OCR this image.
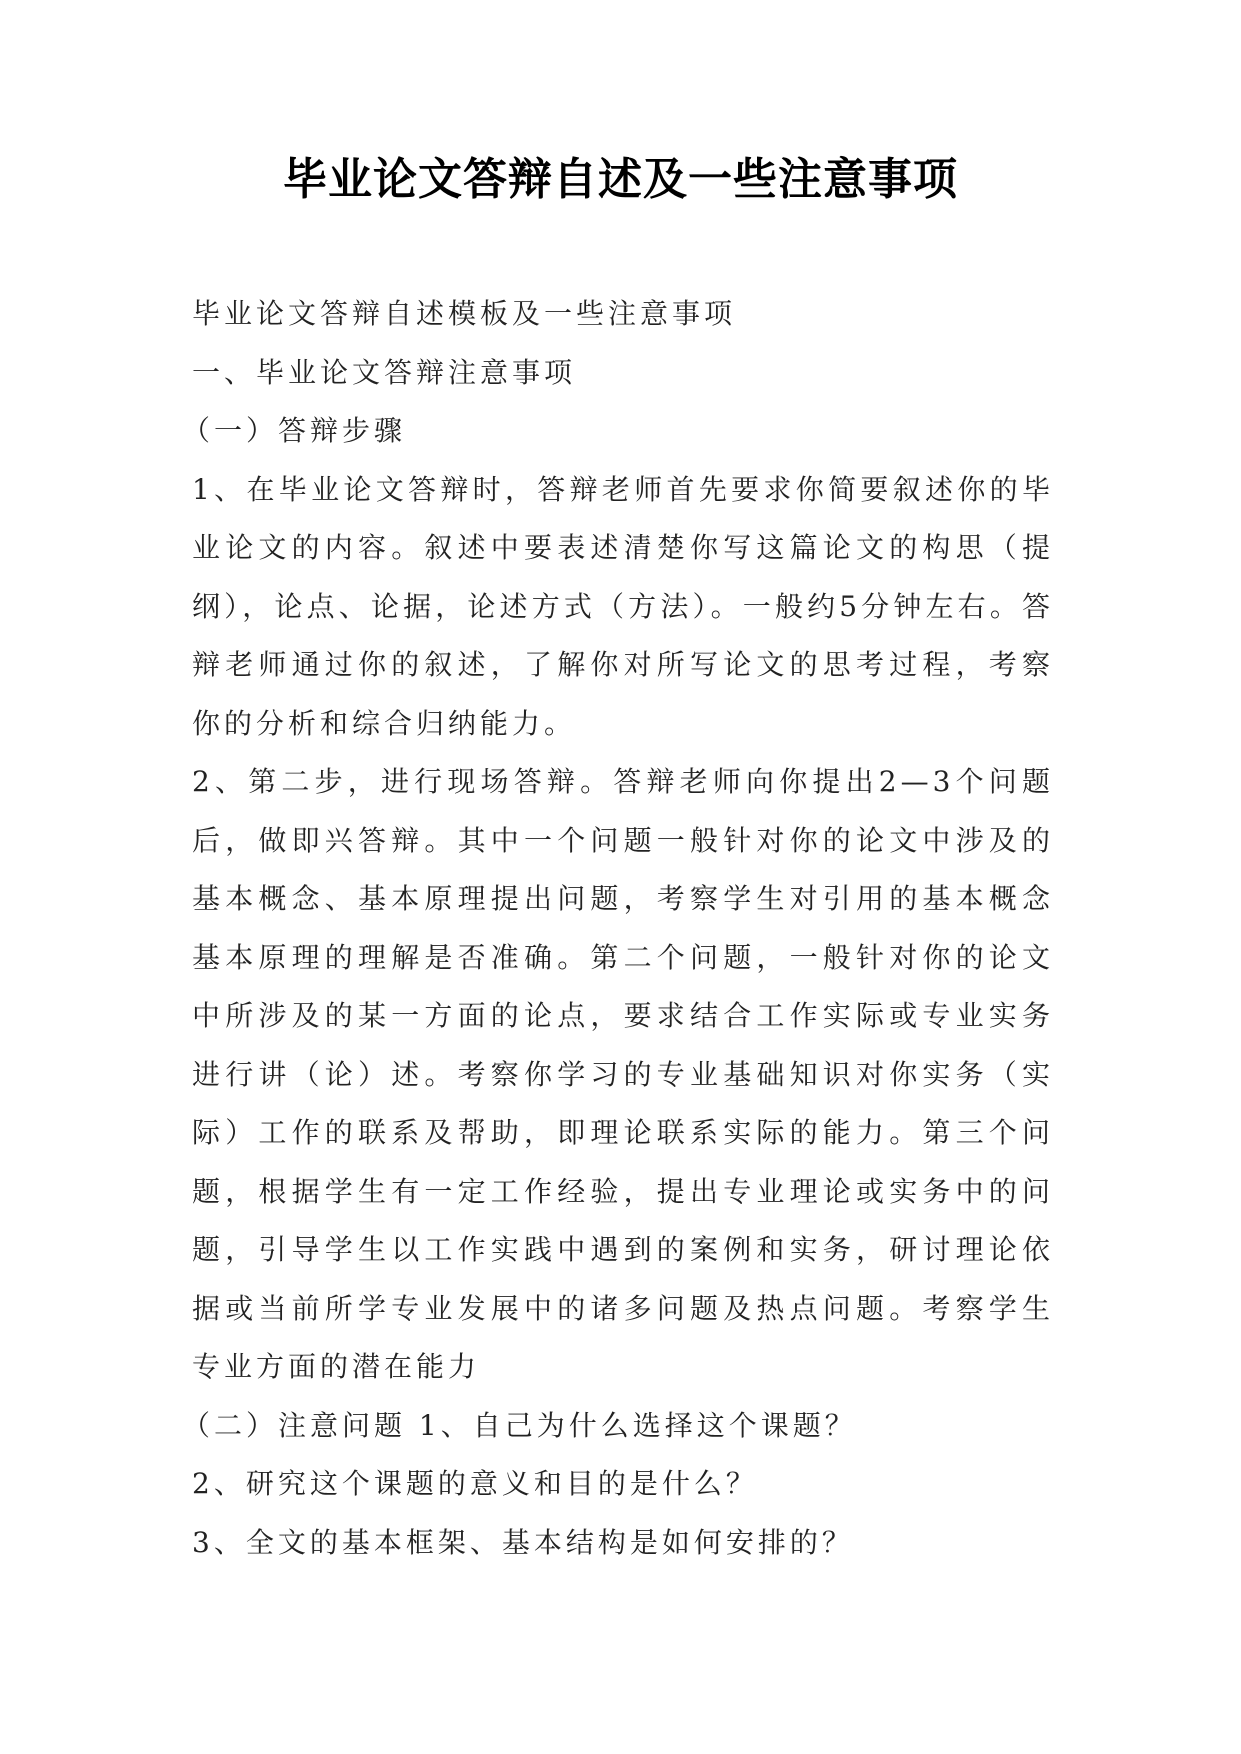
毕业论文答辩自述及一些注意事项

毕业论文答辩自述模板及一些注意事项

一、毕业论文答辩注意事项

（一）答辩步骤

1、在毕业论文答辩时，答辩老师首先要求你简要叙述你的毕业论文的内容。叙述中要表述清楚你写这篇论文的构思（提纲），论点、论据，论述方式（方法）。一般约5分钟左右。答辩老师通过你的叙述，了解你对所写论文的思考过程，考察你的分析和综合归纳能力。

2、第二步，进行现场答辩。答辩老师向你提出2—3个问题后，做即兴答辩。其中一个问题一般针对你的论文中涉及的基本概念、基本原理提出问题，考察学生对引用的基本概念基本原理的理解是否准确。第二个问题，一般针对你的论文中所涉及的某一方面的论点，要求结合工作实际或专业实务进行讲（论）述。考察你学习的专业基础知识对你实务（实际）工作的联系及帮助，即理论联系实际的能力。第三个问题，根据学生有一定工作经验，提出专业理论或实务中的问题，引导学生以工作实践中遇到的案例和实务，研讨理论依据或当前所学专业发展中的诸多问题及热点问题。考察学生专业方面的潜在能力

（二）注意问题 1、自己为什么选择这个课题？

2、研究这个课题的意义和目的是什么？

3、全文的基本框架、基本结构是如何安排的？
